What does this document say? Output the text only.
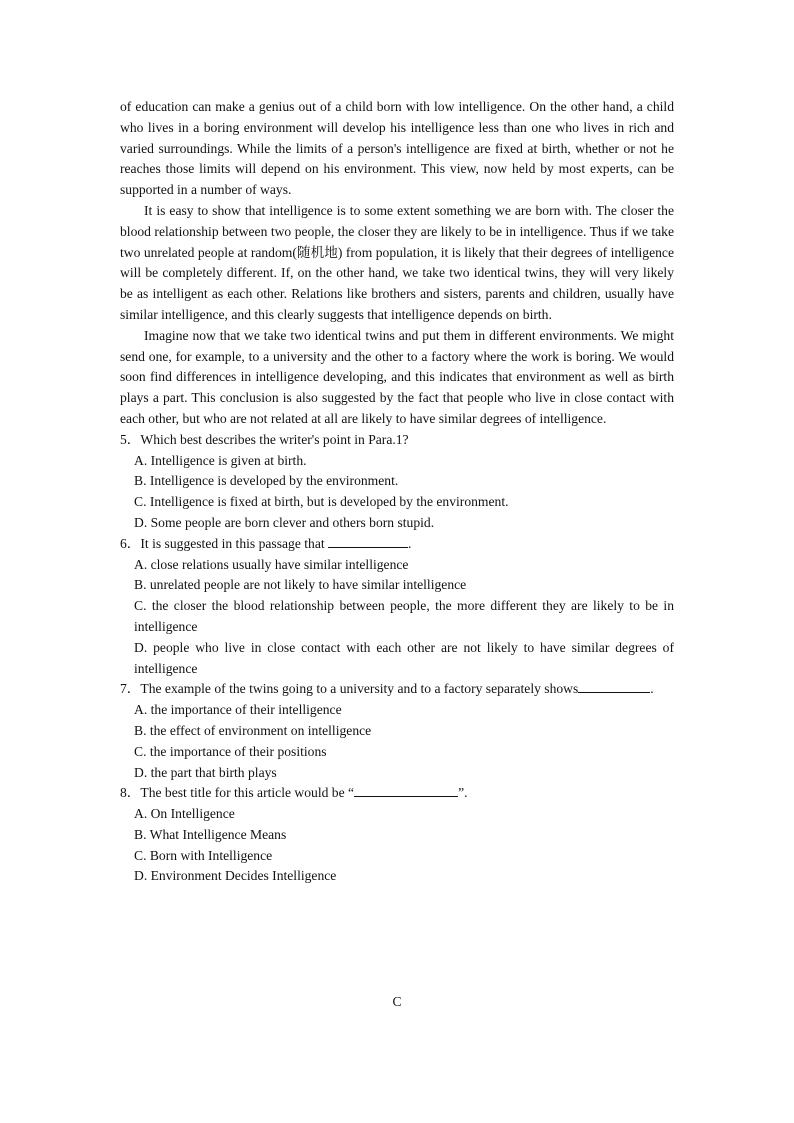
of education can make a genius out of a child born with low intelligence. On the other hand, a child who lives in a boring environment will develop his intelligence less than one who lives in rich and varied surroundings. While the limits of a person's intelligence are fixed at birth, whether or not he reaches those limits will depend on his environment. This view, now held by most experts, can be supported in a number of ways.

It is easy to show that intelligence is to some extent something we are born with. The closer the blood relationship between two people, the closer they are likely to be in intelligence. Thus if we take two unrelated people at random(随机地) from population, it is likely that their degrees of intelligence will be completely different. If, on the other hand, we take two identical twins, they will very likely be as intelligent as each other. Relations like brothers and sisters, parents and children, usually have similar intelligence, and this clearly suggests that intelligence depends on birth.

Imagine now that we take two identical twins and put them in different environments. We might send one, for example, to a university and the other to a factory where the work is boring. We would soon find differences in intelligence developing, and this indicates that environment as well as birth plays a part. This conclusion is also suggested by the fact that people who live in close contact with each other, but who are not related at all are likely to have similar degrees of intelligence.

5．Which best describes the writer's point in Para.1?
A. Intelligence is given at birth.
B. Intelligence is developed by the environment.
C. Intelligence is fixed at birth, but is developed by the environment.
D. Some people are born clever and others born stupid.
6．It is suggested in this passage that	.
A. close relations usually have similar intelligence
B. unrelated people are not likely to have similar intelligence
C. the closer the blood relationship between people, the more different they are likely to be in intelligence
D. people who live in close contact with each other are not likely to have similar degrees of intelligence
7．The example of the twins going to a university and to a factory separately shows	.
A. the importance of their intelligence
B. the effect of environment on intelligence
C. the importance of their positions
D. the part that birth plays
8．The best title for this article would be “	”.
A. On Intelligence
B. What Intelligence Means
C. Born with Intelligence
D. Environment Decides Intelligence
C
